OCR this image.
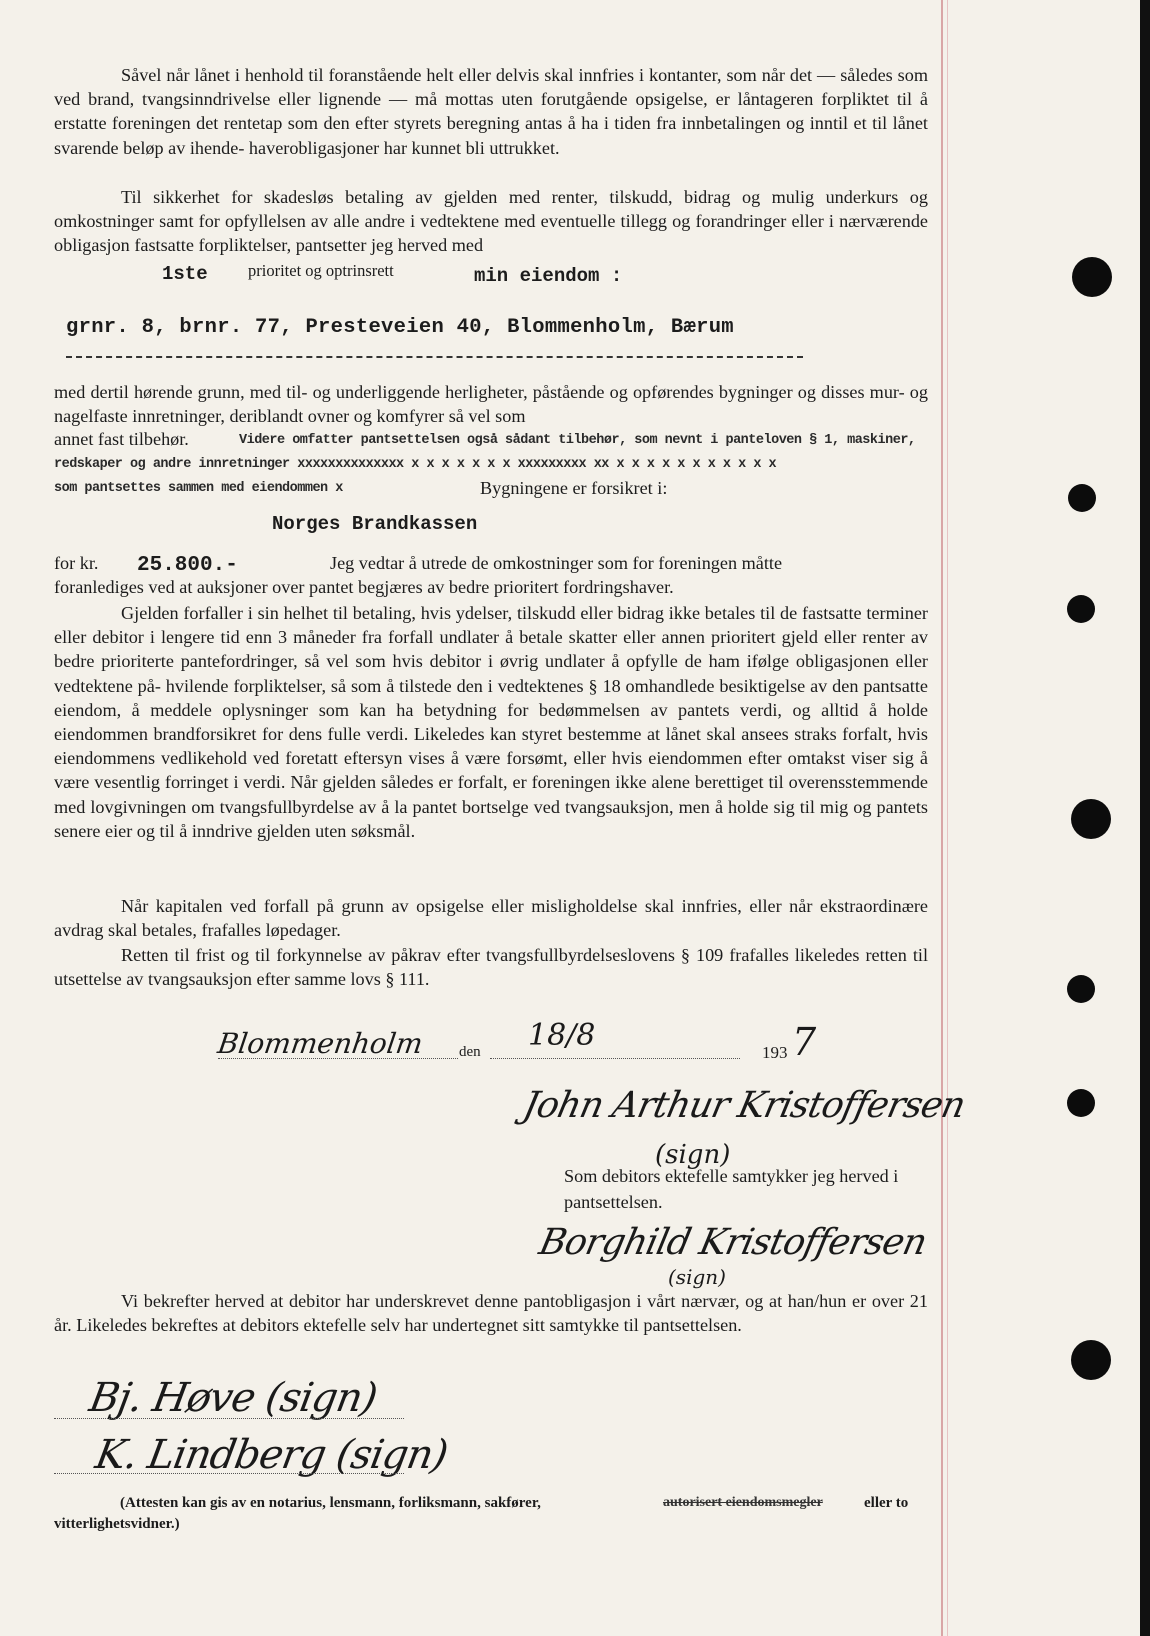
Såvel når lånet i henhold til foranstående helt eller delvis skal innfries i kontanter, som når det — således som ved brand, tvangsinndrivelse eller lignende — må mottas uten forutgående opsigelse, er låntageren forpliktet til å erstatte foreningen det rentetap som den efter styrets beregning antas å ha i tiden fra innbetalingen og inntil et til lånet svarende beløp av ihende- haverobligasjoner har kunnet bli uttrukket.
Til sikkerhet for skadesløs betaling av gjelden med renter, tilskudd, bidrag og mulig underkurs og omkostninger samt for opfyllelsen av alle andre i vedtektene med eventuelle tillegg og forandringer eller i nærværende obligasjon fastsatte forpliktelser, pantsetter jeg herved med
1ste prioritet og optrinsrett	min eiendom :
grnr. 8, brnr. 77, Presteveien 40, Blommenholm, Bærum
med dertil hørende grunn, med til- og underliggende herligheter, påstående og opførendes bygninger og disses mur- og nagelfaste innretninger, deriblandt ovner og komfyrer så vel som
annet fast tilbehør.	Videre omfatter pantsettelsen også sådant tilbehør, som nevnt i panteloven § 1, maskiner,
redskaper og andre innretninger xxxxxxxxxxxxxx x x x x x x x xxxxxxxxx xx x x x x x x x x x x x
som pantsettes sammen med eiendommen x	Bygningene er forsikret i:
Norges Brandkassen
for kr. 25.800.-	Jeg vedtar å utrede de omkostninger som for foreningen måtte
foranlediges ved at auksjoner over pantet begjæres av bedre prioritert fordringshaver.
Gjelden forfaller i sin helhet til betaling, hvis ydelser, tilskudd eller bidrag ikke betales til de fastsatte terminer eller debitor i lengere tid enn 3 måneder fra forfall undlater å betale skatter eller annen prioritert gjeld eller renter av bedre prioriterte pantefordringer, så vel som hvis debitor i øvrig undlater å opfylle de ham ifølge obligasjonen eller vedtektene på- hvilende forpliktelser, så som å tilstede den i vedtektenes § 18 omhandlede besiktigelse av den pantsatte eiendom, å meddele oplysninger som kan ha betydning for bedømmelsen av pantets verdi, og alltid å holde eiendommen brandforsikret for dens fulle verdi. Likeledes kan styret bestemme at lånet skal ansees straks forfalt, hvis eiendommens vedlikehold ved foretatt eftersyn vises å være forsømt, eller hvis eiendommen efter omtakst viser sig å være vesentlig forringet i verdi. Når gjelden således er forfalt, er foreningen ikke alene berettiget til overensstemmende med lovgivningen om tvangsfullbyrdelse av å la pantet bortselge ved tvangsauksjon, men å holde sig til mig og pantets senere eier og til å inndrive gjelden uten søksmål.
Når kapitalen ved forfall på grunn av opsigelse eller misligholdelse skal innfries, eller når ekstraordinære avdrag skal betales, frafalles løpedager.
Retten til frist og til forkynnelse av påkrav efter tvangsfullbyrdelseslovens § 109 frafalles likeledes retten til utsettelse av tvangsauksjon efter samme lovs § 111.
Blommenholm den 18/8	193 7
John Arthur Kristoffersen
(sign)
Som debitors ektefelle samtykker jeg herved i pantsettelsen.
Borghild Kristoffersen
(sign)
Vi bekrefter herved at debitor har underskrevet denne pantobligasjon i vårt nærvær, og at han/hun er over 21 år. Likeledes bekreftes at debitors ektefelle selv har undertegnet sitt samtykke til pantsettelsen.
Bj. Høve (sign)
K. Lindberg (sign)
(Attesten kan gis av en notarius, lensmann, forliksmann, sakfører,	autorisert eiendomsmegler	eller to
vitterlighetsvidner.)
